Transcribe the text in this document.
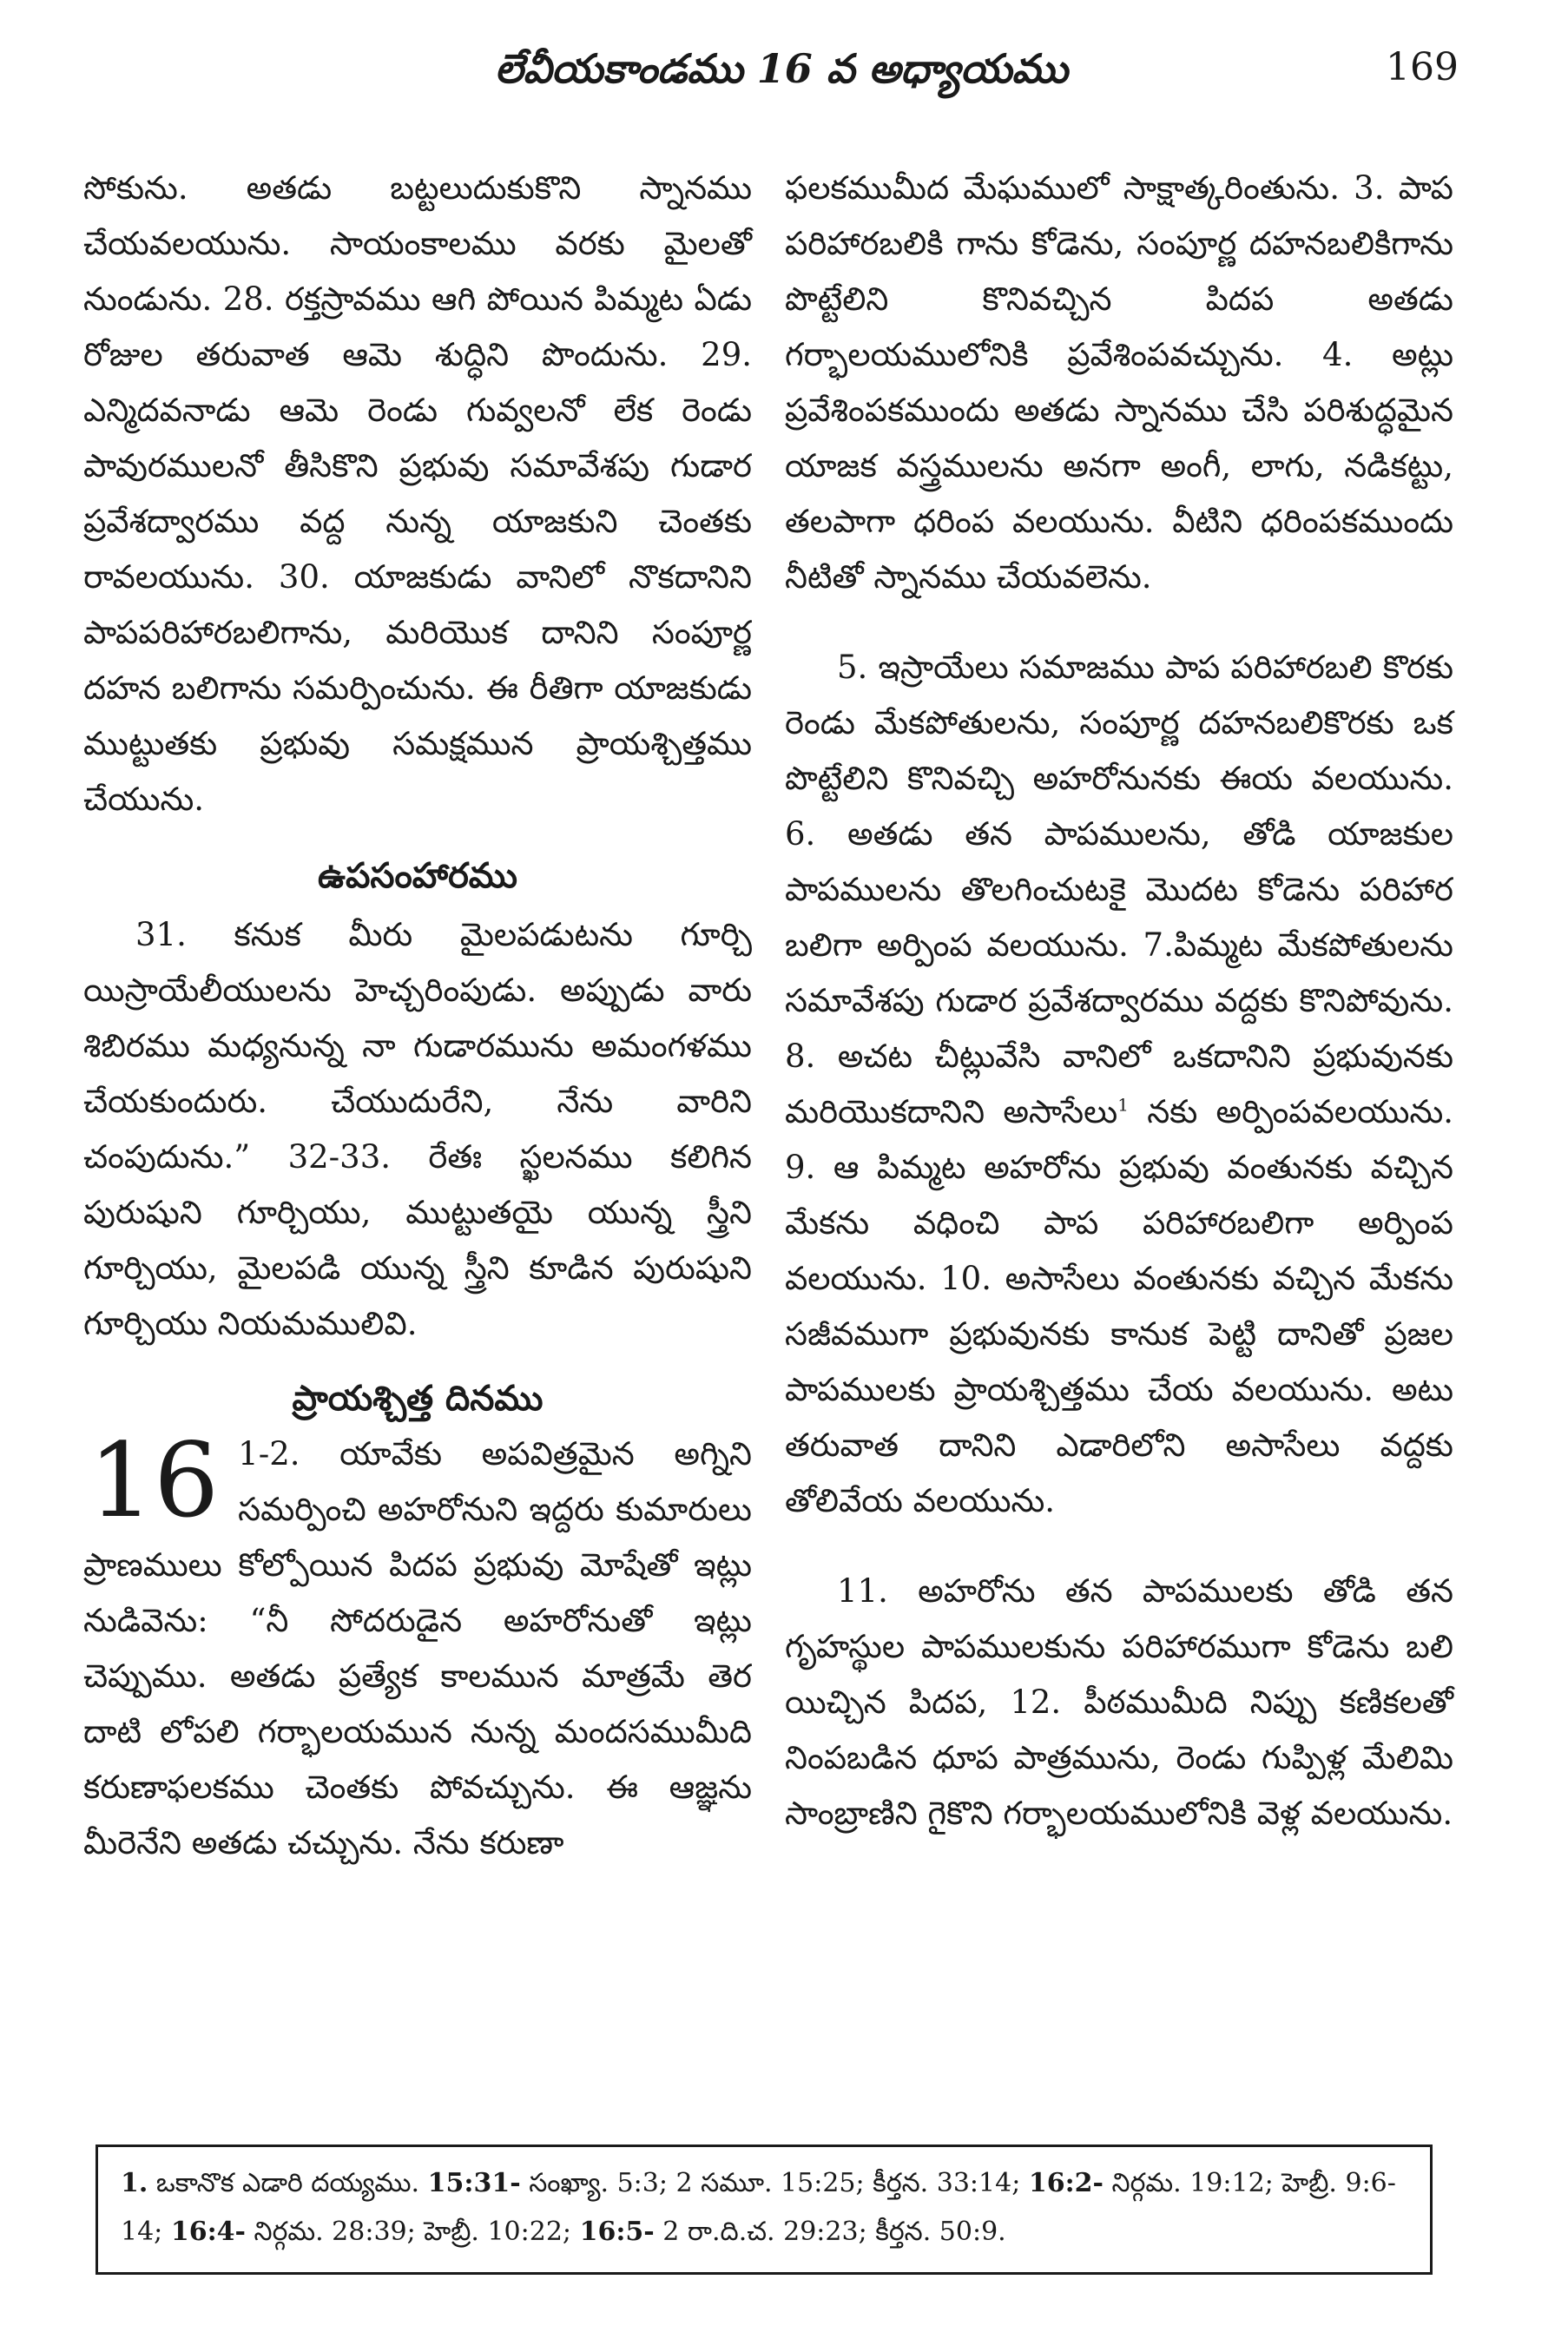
లేవీయకాండము 16 వ అధ్యాయము	169

సోకును. అతడు బట్టలుదుకుకొని స్నానము చేయవలయును. సాయంకాలము వరకు మైలతో నుండును. 28. రక్తస్రావము ఆగి పోయిన పిమ్మట ఏడు రోజుల తరువాత ఆమె శుద్ధిని పొందును. 29. ఎన్మిదవనాడు ఆమె రెండు గువ్వలనో లేక రెండు పావురములనో తీసికొని ప్రభువు సమావేశపు గుడార ప్రవేశద్వారము వద్ద నున్న యాజకుని చెంతకు రావలయును. 30. యాజకుడు వానిలో నొకదానిని పాపపరిహారబలిగాను, మరియొక దానిని సంపూర్ణ దహన బలిగాను సమర్పించును. ఈ రీతిగా యాజకుడు ముట్టుతకు ప్రభువు సమక్షమున ప్రాయశ్చిత్తము చేయును.

ఉపసంహారము

31. కనుక మీరు మైలపడుటను గూర్చి యిస్రాయేలీయులను హెచ్చరింపుడు. అప్పుడు వారు శిబిరము మధ్యనున్న నా గుడారమును అమంగళము చేయకుందురు. చేయుదురేని, నేను వారిని చంపుదును.” 32-33. రేతః స్ఖలనము కలిగిన పురుషుని గూర్చియు, ముట్టుతయై యున్న స్త్రీని గూర్చియు, మైలపడి యున్న స్త్రీని కూడిన పురుషుని గూర్చియు నియమములివి.

ప్రాయశ్చిత్త దినము
16 1-2. యావేకు అపవిత్రమైన అగ్నిని సమర్పించి అహరోనుని ఇద్దరు కుమారులు ప్రాణములు కోల్పోయిన పిదప ప్రభువు మోషేతో ఇట్లు నుడివెను: “నీ సోదరుడైన అహరోనుతో ఇట్లు చెప్పుము. అతడు ప్రత్యేక కాలమున మాత్రమే తెర దాటి లోపలి గర్భాలయమున నున్న మందసముమీది కరుణాఫలకము చెంతకు పోవచ్చును. ఈ ఆజ్ఞను మీరెనేని అతడు చచ్చును. నేను కరుణా

ఫలకముమీద మేఘములో సాక్షాత్కరింతును. 3. పాప పరిహారబలికి గాను కోడెను, సంపూర్ణ దహనబలికిగాను పొట్టేలిని కొనివచ్చిన పిదప అతడు గర్భాలయములోనికి ప్రవేశింపవచ్చును. 4. అట్లు ప్రవేశింపకముందు అతడు స్నానము చేసి పరిశుద్ధమైన యాజక వస్త్రములను అనగా అంగీ, లాగు, నడికట్టు, తలపాగా ధరింప వలయును. వీటిని ధరింపకముందు నీటితో స్నానము చేయవలెను.

5. ఇస్రాయేలు సమాజము పాప పరిహారబలి కొరకు రెండు మేకపోతులను, సంపూర్ణ దహనబలికొరకు ఒక పొట్టేలిని కొనివచ్చి అహరోనునకు ఈయ వలయును. 6. అతడు తన పాపములను, తోడి యాజకుల పాపములను తొలగించుటకై మొదట కోడెను పరిహార బలిగా అర్పింప వలయును. 7.పిమ్మట మేకపోతులను సమావేశపు గుడార ప్రవేశద్వారము వద్దకు కొనిపోవును. 8. అచట చీట్లువేసి వానిలో ఒకదానిని ప్రభువునకు మరియొకదానిని అసాసేలు$^1$ నకు అర్పింపవలయును. 9. ఆ పిమ్మట అహరోను ప్రభువు వంతునకు వచ్చిన మేకను వధించి పాప పరిహారబలిగా అర్పింప వలయును. 10. అసాసేలు వంతునకు వచ్చిన మేకను సజీవముగా ప్రభువునకు కానుక పెట్టి దానితో ప్రజల పాపములకు ప్రాయశ్చిత్తము చేయ వలయును. అటు తరువాత దానిని ఎడారిలోని అసాసేలు వద్దకు తోలివేయ వలయును.

11. అహరోను తన పాపములకు తోడి తన గృహస్థుల పాపములకును పరిహారముగా కోడెను బలి యిచ్చిన పిదప, 12. పీఠముమీది నిప్పు కణికలతో నింపబడిన ధూప పాత్రమును, రెండు గుప్పిళ్ల మేలిమి సాంబ్రాణిని గైకొని గర్భాలయములోనికి వెళ్ల వలయును.

1. ఒకానొక ఎడారి దయ్యము. 15:31- సంఖ్యా. 5:3; 2 సమూ. 15:25; కీర్తన. 33:14; 16:2- నిర్గమ. 19:12; హెబ్రీ. 9:6-14; 16:4- నిర్గమ. 28:39; హెబ్రీ. 10:22; 16:5- 2 రా.ది.చ. 29:23; కీర్తన. 50:9.
